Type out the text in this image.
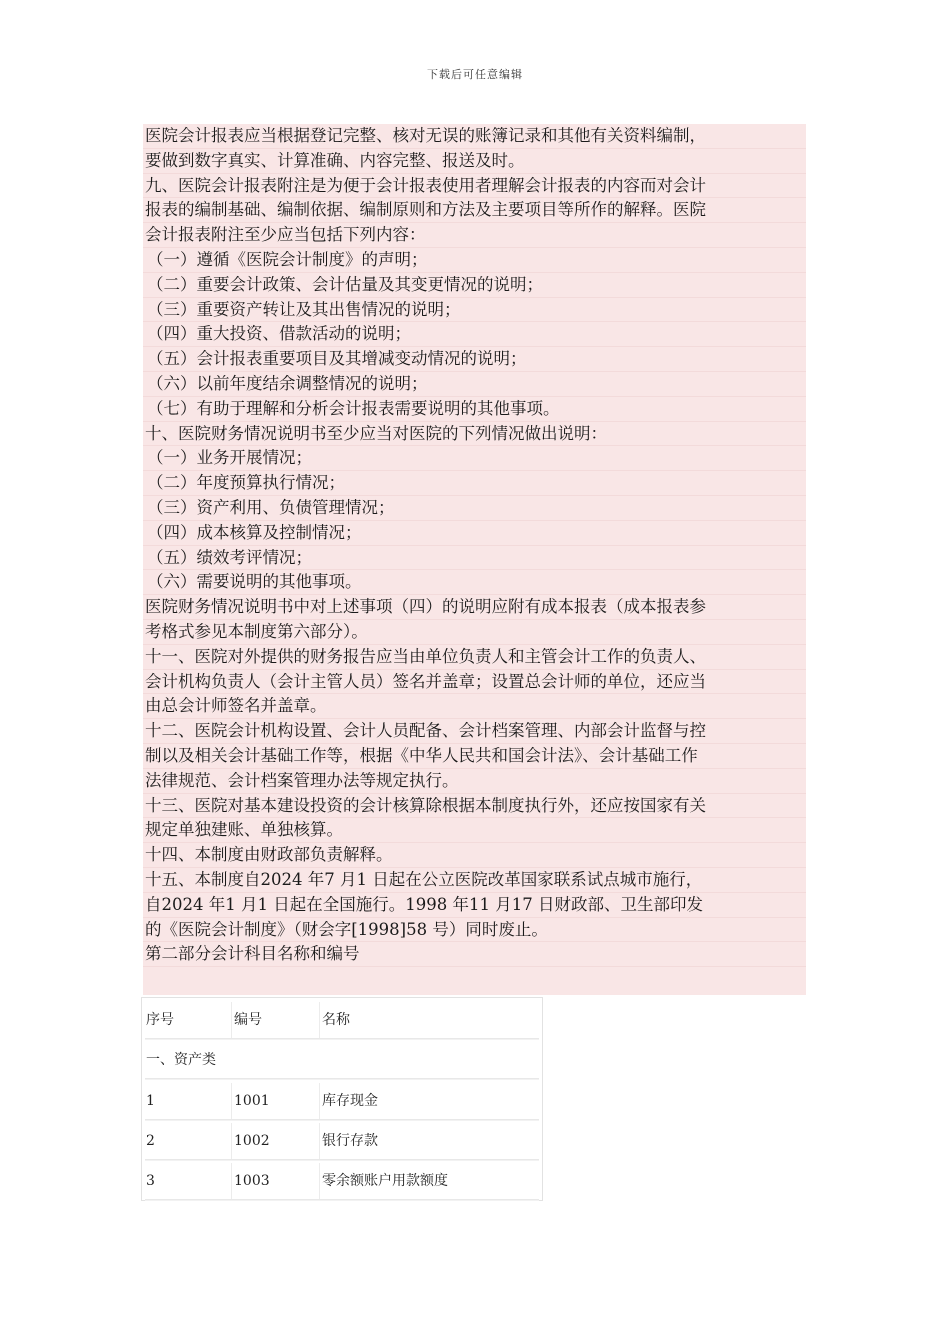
下载后可任意编辑
医院会计报表应当根据登记完整、核对无误的账簿记录和其他有关资料编制，
要做到数字真实、计算准确、内容完整、报送及时。
九、医院会计报表附注是为便于会计报表使用者理解会计报表的内容而对会计
报表的编制基础、编制依据、编制原则和方法及主要项目等所作的解释。医院
会计报表附注至少应当包括下列内容：
（一）遵循《医院会计制度》的声明；
（二）重要会计政策、会计估量及其变更情况的说明；
（三）重要资产转让及其出售情况的说明；
（四）重大投资、借款活动的说明；
（五）会计报表重要项目及其增减变动情况的说明；
（六）以前年度结余调整情况的说明；
（七）有助于理解和分析会计报表需要说明的其他事项。
十、医院财务情况说明书至少应当对医院的下列情况做出说明：
（一）业务开展情况；
（二）年度预算执行情况；
（三）资产利用、负债管理情况；
（四）成本核算及控制情况；
（五）绩效考评情况；
（六）需要说明的其他事项。
医院财务情况说明书中对上述事项（四）的说明应附有成本报表（成本报表参
考格式参见本制度第六部分）。
十一、医院对外提供的财务报告应当由单位负责人和主管会计工作的负责人、
会计机构负责人（会计主管人员）签名并盖章；设置总会计师的单位，还应当
由总会计师签名并盖章。
十二、医院会计机构设置、会计人员配备、会计档案管理、内部会计监督与控
制以及相关会计基础工作等，根据《中华人民共和国会计法》、会计基础工作
法律规范、会计档案管理办法等规定执行。
十三、医院对基本建设投资的会计核算除根据本制度执行外，还应按国家有关
规定单独建账、单独核算。
十四、本制度由财政部负责解释。
十五、本制度自2024 年7 月1 日起在公立医院改革国家联系试点城市施行，
自2024 年1 月1 日起在全国施行。1998 年11 月17 日财政部、卫生部印发
的《医院会计制度》（财会字[1998]58 号）同时废止。
第二部分会计科目名称和编号
序号	编号	名称
一、资产类
1	1001	库存现金
2	1002	银行存款
3	1003	零余额账户用款额度
